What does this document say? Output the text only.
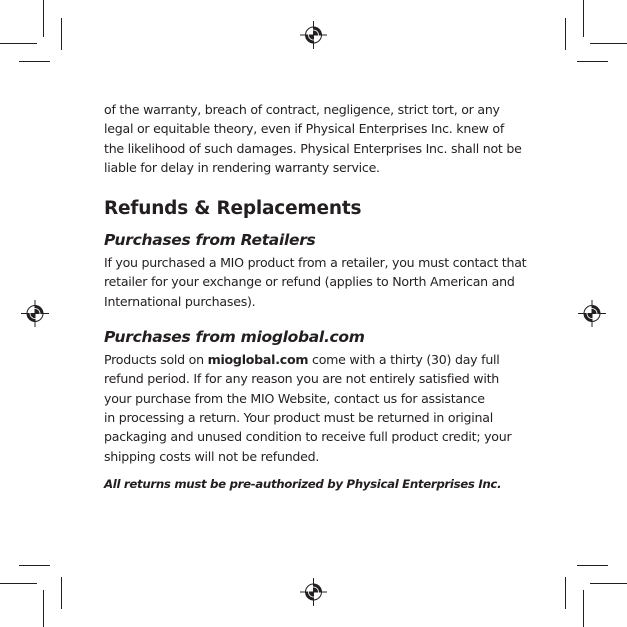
of the warranty, breach of contract, negligence, strict tort, or any
legal or equitable theory, even if Physical Enterprises Inc. knew of
the likelihood of such damages. Physical Enterprises Inc. shall not be
liable for delay in rendering warranty service.

Refunds & Replacements
Purchases from Retailers

If you purchased a MIO product from a retailer, you must contact that
retailer for your exchange or refund (applies to North American and
International purchases).

Purchases from mioglobal.com

Products sold on mioglobal.com come with a thirty (30) day full
refund period. If for any reason you are not entirely satisfied with
your purchase from the MIO Website, contact us for assistance
in processing a return. Your product must be returned in original
packaging and unused condition to receive full product credit; your
shipping costs will not be refunded.

All returns must be pre-authorized by Physical Enterprises Inc.
